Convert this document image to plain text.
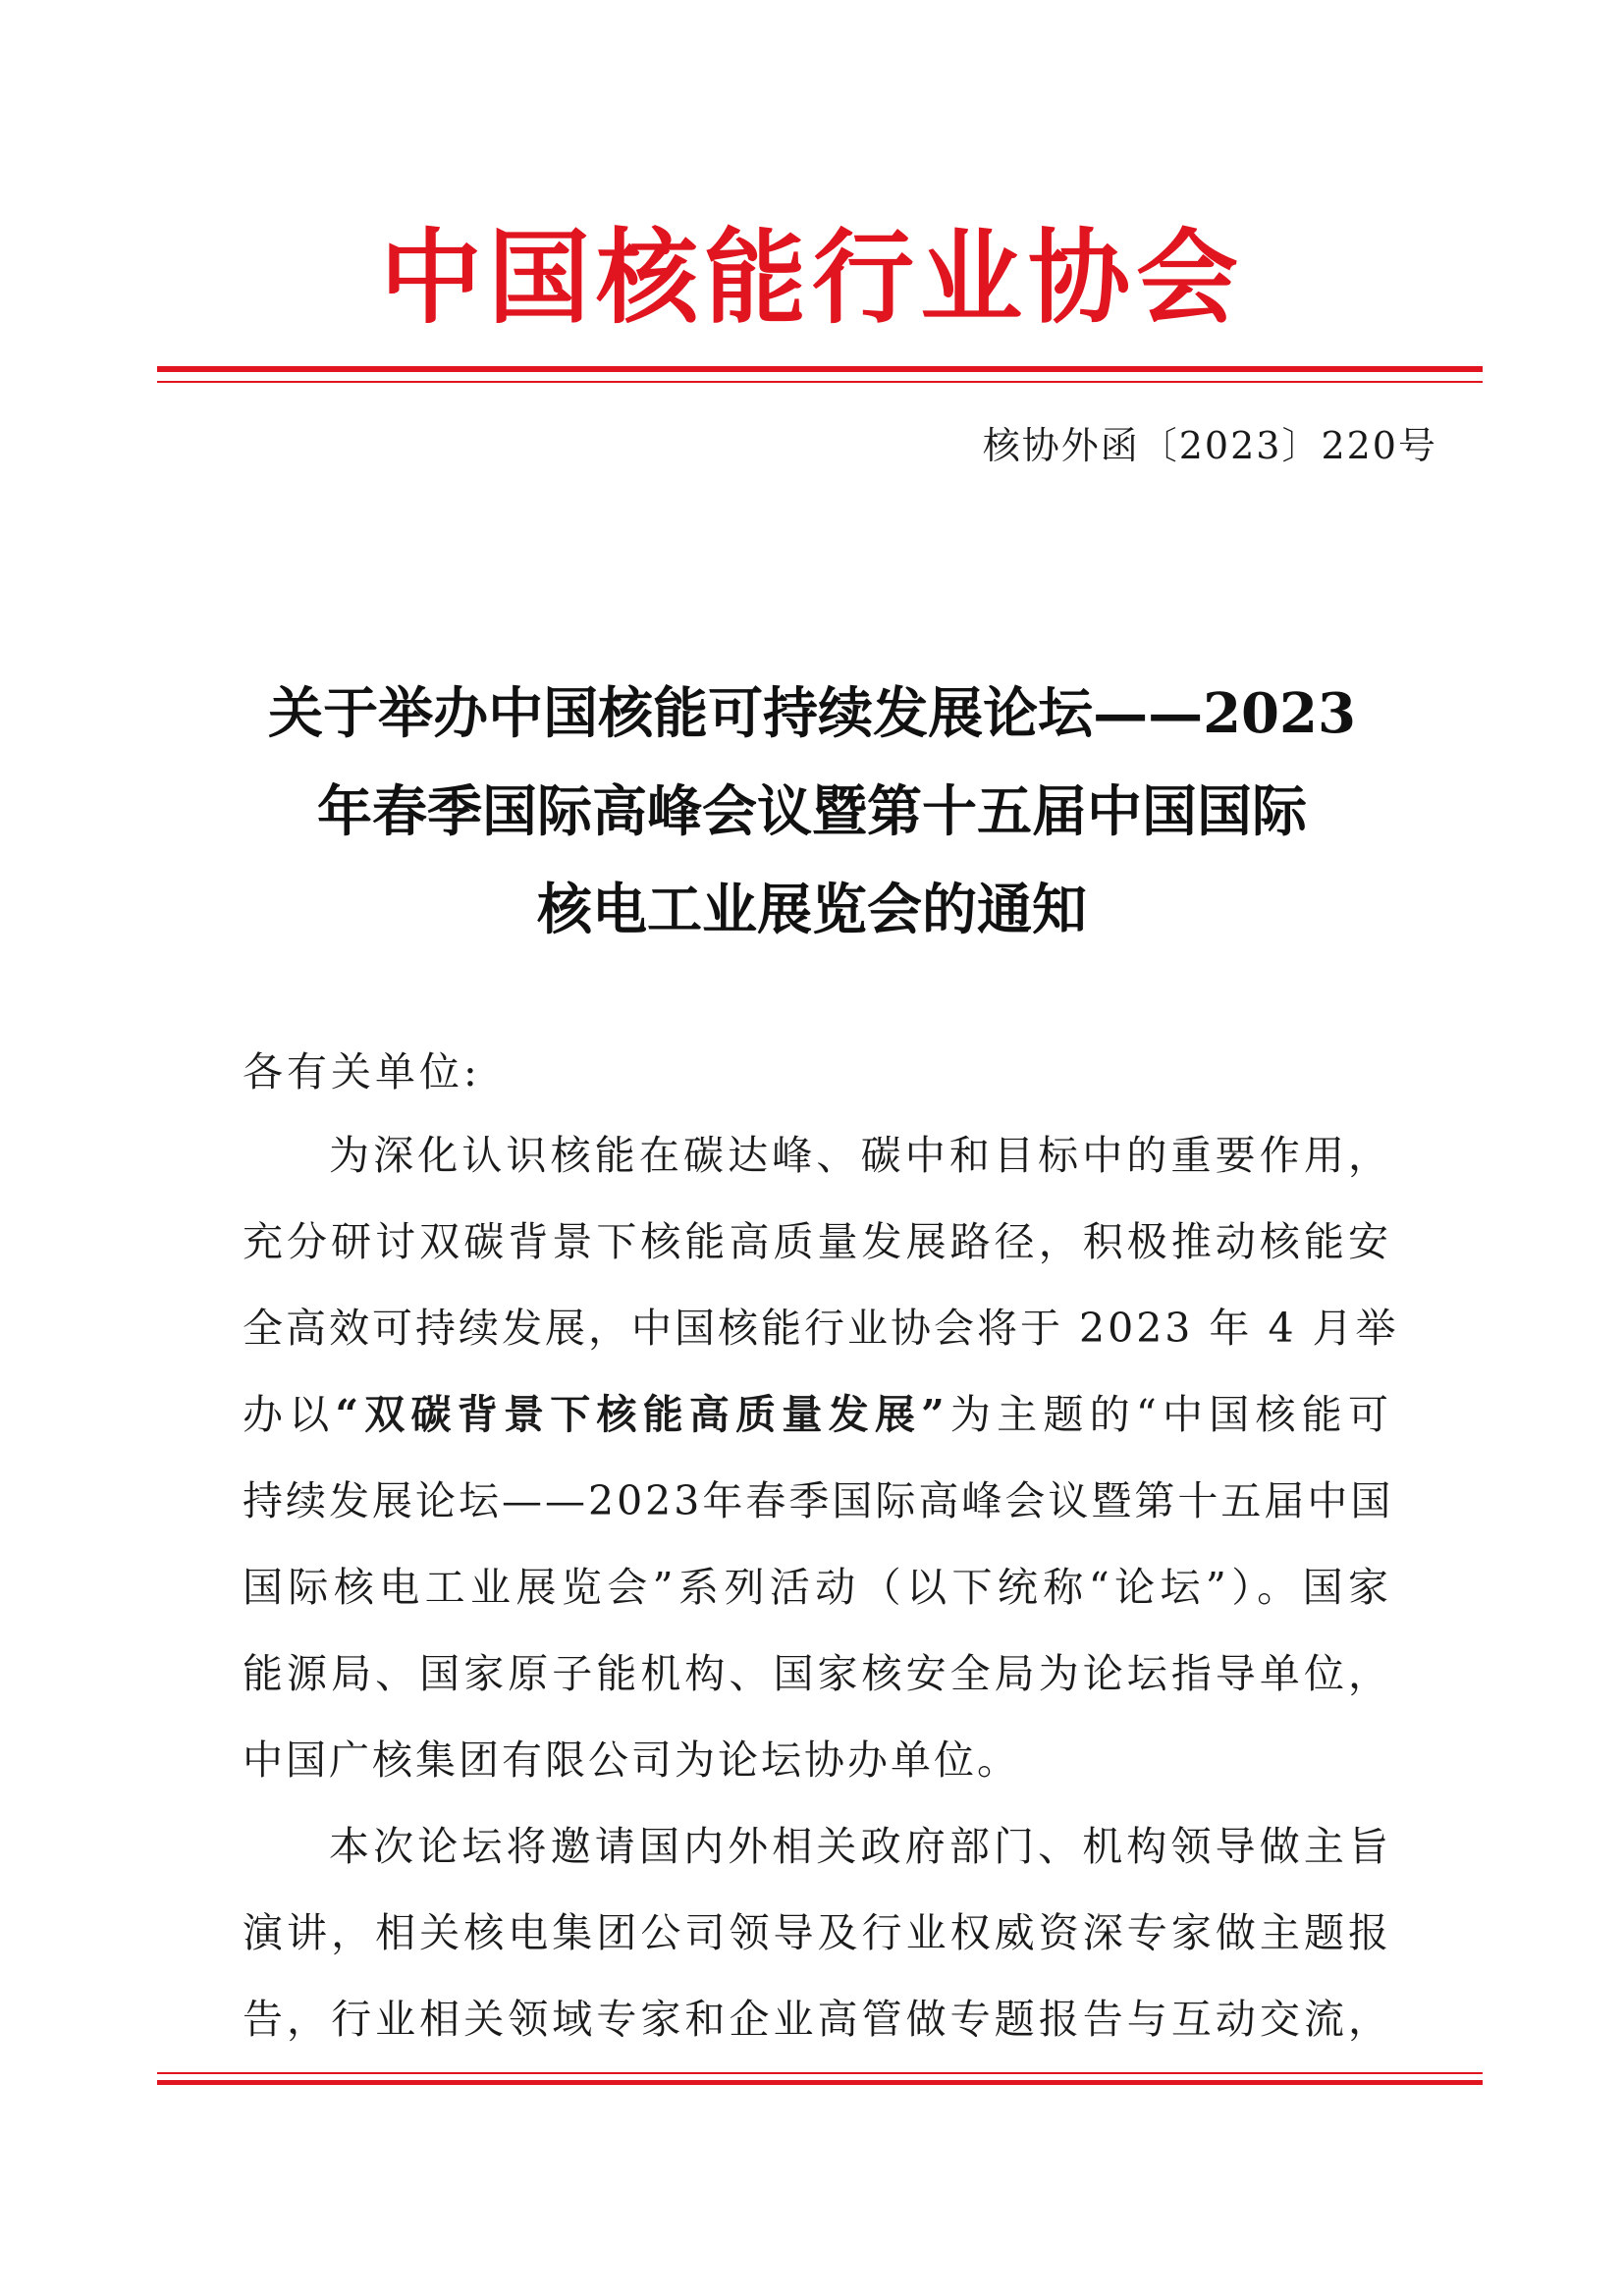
中国核能行业协会
核协外函〔2023〕220号
关于举办中国核能可持续发展论坛——2023
年春季国际高峰会议暨第十五届中国国际
核电工业展览会的通知
各有关单位:
为深化认识核能在碳达峰、碳中和目标中的重要作用，
充分研讨双碳背景下核能高质量发展路径，积极推动核能安
全高效可持续发展，中国核能行业协会将于 2023 年 4 月举
办以“双碳背景下核能高质量发展”为主题的“中国核能可
持续发展论坛——2023年春季国际高峰会议暨第十五届中国
国际核电工业展览会”系列活动（以下统称“论坛”）。国家
能源局、国家原子能机构、国家核安全局为论坛指导单位，
中国广核集团有限公司为论坛协办单位。
本次论坛将邀请国内外相关政府部门、机构领导做主旨
演讲，相关核电集团公司领导及行业权威资深专家做主题报
告，行业相关领域专家和企业高管做专题报告与互动交流，
